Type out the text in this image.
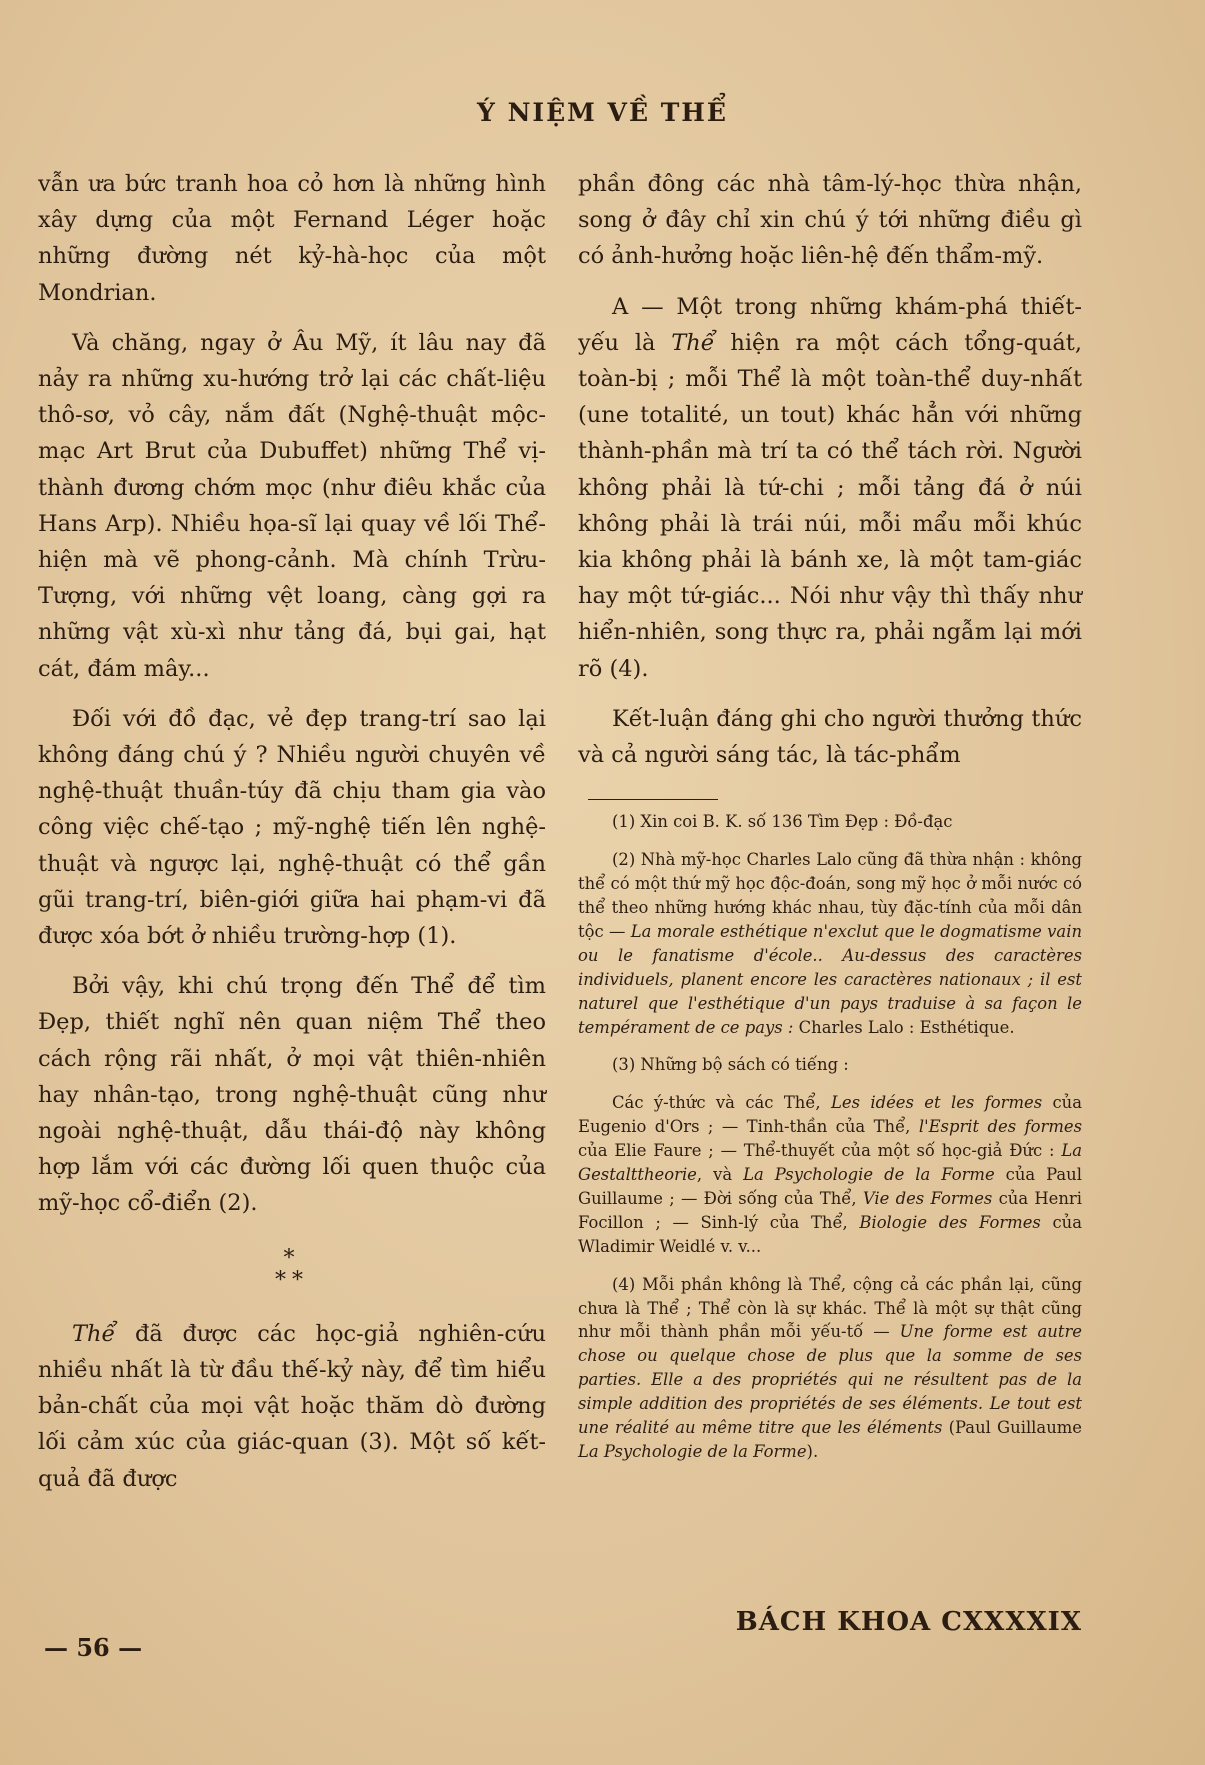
Ý NIỆM VỀ THỂ

vẫn ưa bức tranh hoa cỏ hơn là những hình xây dựng của một Fernand Léger hoặc những đường nét kỷ-hà-học của một Mondrian.

Và chăng, ngay ở Âu Mỹ, ít lâu nay đã nảy ra những xu-hướng trở lại các chất-liệu thô-sơ, vỏ cây, nắm đất (Nghệ-thuật mộc-mạc Art Brut của Dubuffet) những Thể vị-thành đương chớm mọc (như điêu khắc của Hans Arp). Nhiều họa-sĩ lại quay về lối Thể-hiện mà vẽ phong-cảnh. Mà chính Trừu-Tượng, với những vệt loang, càng gợi ra những vật xù-xì như tảng đá, bụi gai, hạt cát, đám mây...

Đối với đồ đạc, vẻ đẹp trang-trí sao lại không đáng chú ý ? Nhiều người chuyên về nghệ-thuật thuần-túy đã chịu tham gia vào công việc chế-tạo ; mỹ-nghệ tiến lên nghệ-thuật và ngược lại, nghệ-thuật có thể gần gũi trang-trí, biên-giới giữa hai phạm-vi đã được xóa bớt ở nhiều trường-hợp (1).

Bởi vậy, khi chú trọng đến Thể để tìm Đẹp, thiết nghĩ nên quan niệm Thể theo cách rộng rãi nhất, ở mọi vật thiên-nhiên hay nhân-tạo, trong nghệ-thuật cũng như ngoài nghệ-thuật, dẫu thái-độ này không hợp lắm với các đường lối quen thuộc của mỹ-học cổ-điển (2).

*
**

Thể đã được các học-giả nghiên-cứu nhiều nhất là từ đầu thế-kỷ này, để tìm hiểu bản-chất của mọi vật hoặc thăm dò đường lối cảm xúc của giác-quan (3). Một số kết-quả đã được

phần đông các nhà tâm-lý-học thừa nhận, song ở đây chỉ xin chú ý tới những điều gì có ảnh-hưởng hoặc liên-hệ đến thẩm-mỹ.

A — Một trong những khám-phá thiết-yếu là Thể hiện ra một cách tổng-quát, toàn-bị ; mỗi Thể là một toàn-thể duy-nhất (une totalité, un tout) khác hẳn với những thành-phần mà trí ta có thể tách rời. Người không phải là tứ-chi ; mỗi tảng đá ở núi không phải là trái núi, mỗi mẩu mỗi khúc kia không phải là bánh xe, là một tam-giác hay một tứ-giác... Nói như vậy thì thấy như hiển-nhiên, song thực ra, phải ngẫm lại mới rõ (4).

Kết-luận đáng ghi cho người thưởng thức và cả người sáng tác, là tác-phẩm

(1) Xin coi B. K. số 136 Tìm Đẹp : Đồ-đạc

(2) Nhà mỹ-học Charles Lalo cũng đã thừa nhận : không thể có một thứ mỹ học độc-đoán, song mỹ học ở mỗi nước có thể theo những hướng khác nhau, tùy đặc-tính của mỗi dân tộc — La morale esthétique n'exclut que le dogmatisme vain ou le fanatisme d'école.. Au-dessus des caractères individuels, planent encore les caractères nationaux ; il est naturel que l'esthétique d'un pays traduise à sa façon le tempérament de ce pays : Charles Lalo : Esthétique.

(3) Những bộ sách có tiếng :

Các ý-thức và các Thể, Les idées et les formes của Eugenio d'Ors ; — Tinh-thần của Thể, l'Esprit des formes của Elie Faure ; — Thể-thuyết của một số học-giả Đức : La Gestalttheorie, và La Psychologie de la Forme của Paul Guillaume ; — Đời sống của Thể, Vie des Formes của Henri Focillon ; — Sinh-lý của Thể, Biologie des Formes của Wladimir Weidlé v. v...

(4) Mỗi phần không là Thể, cộng cả các phần lại, cũng chưa là Thể ; Thể còn là sự khác. Thể là một sự thật cũng như mỗi thành phần mỗi yếu-tố — Une forme est autre chose ou quelque chose de plus que la somme de ses parties. Elle a des propriétés qui ne résultent pas de la simple addition des propriétés de ses éléments. Le tout est une réalité au même titre que les éléments (Paul Guillaume La Psychologie de la Forme).

— 56 —
BÁCH KHOA CXXXXIX
